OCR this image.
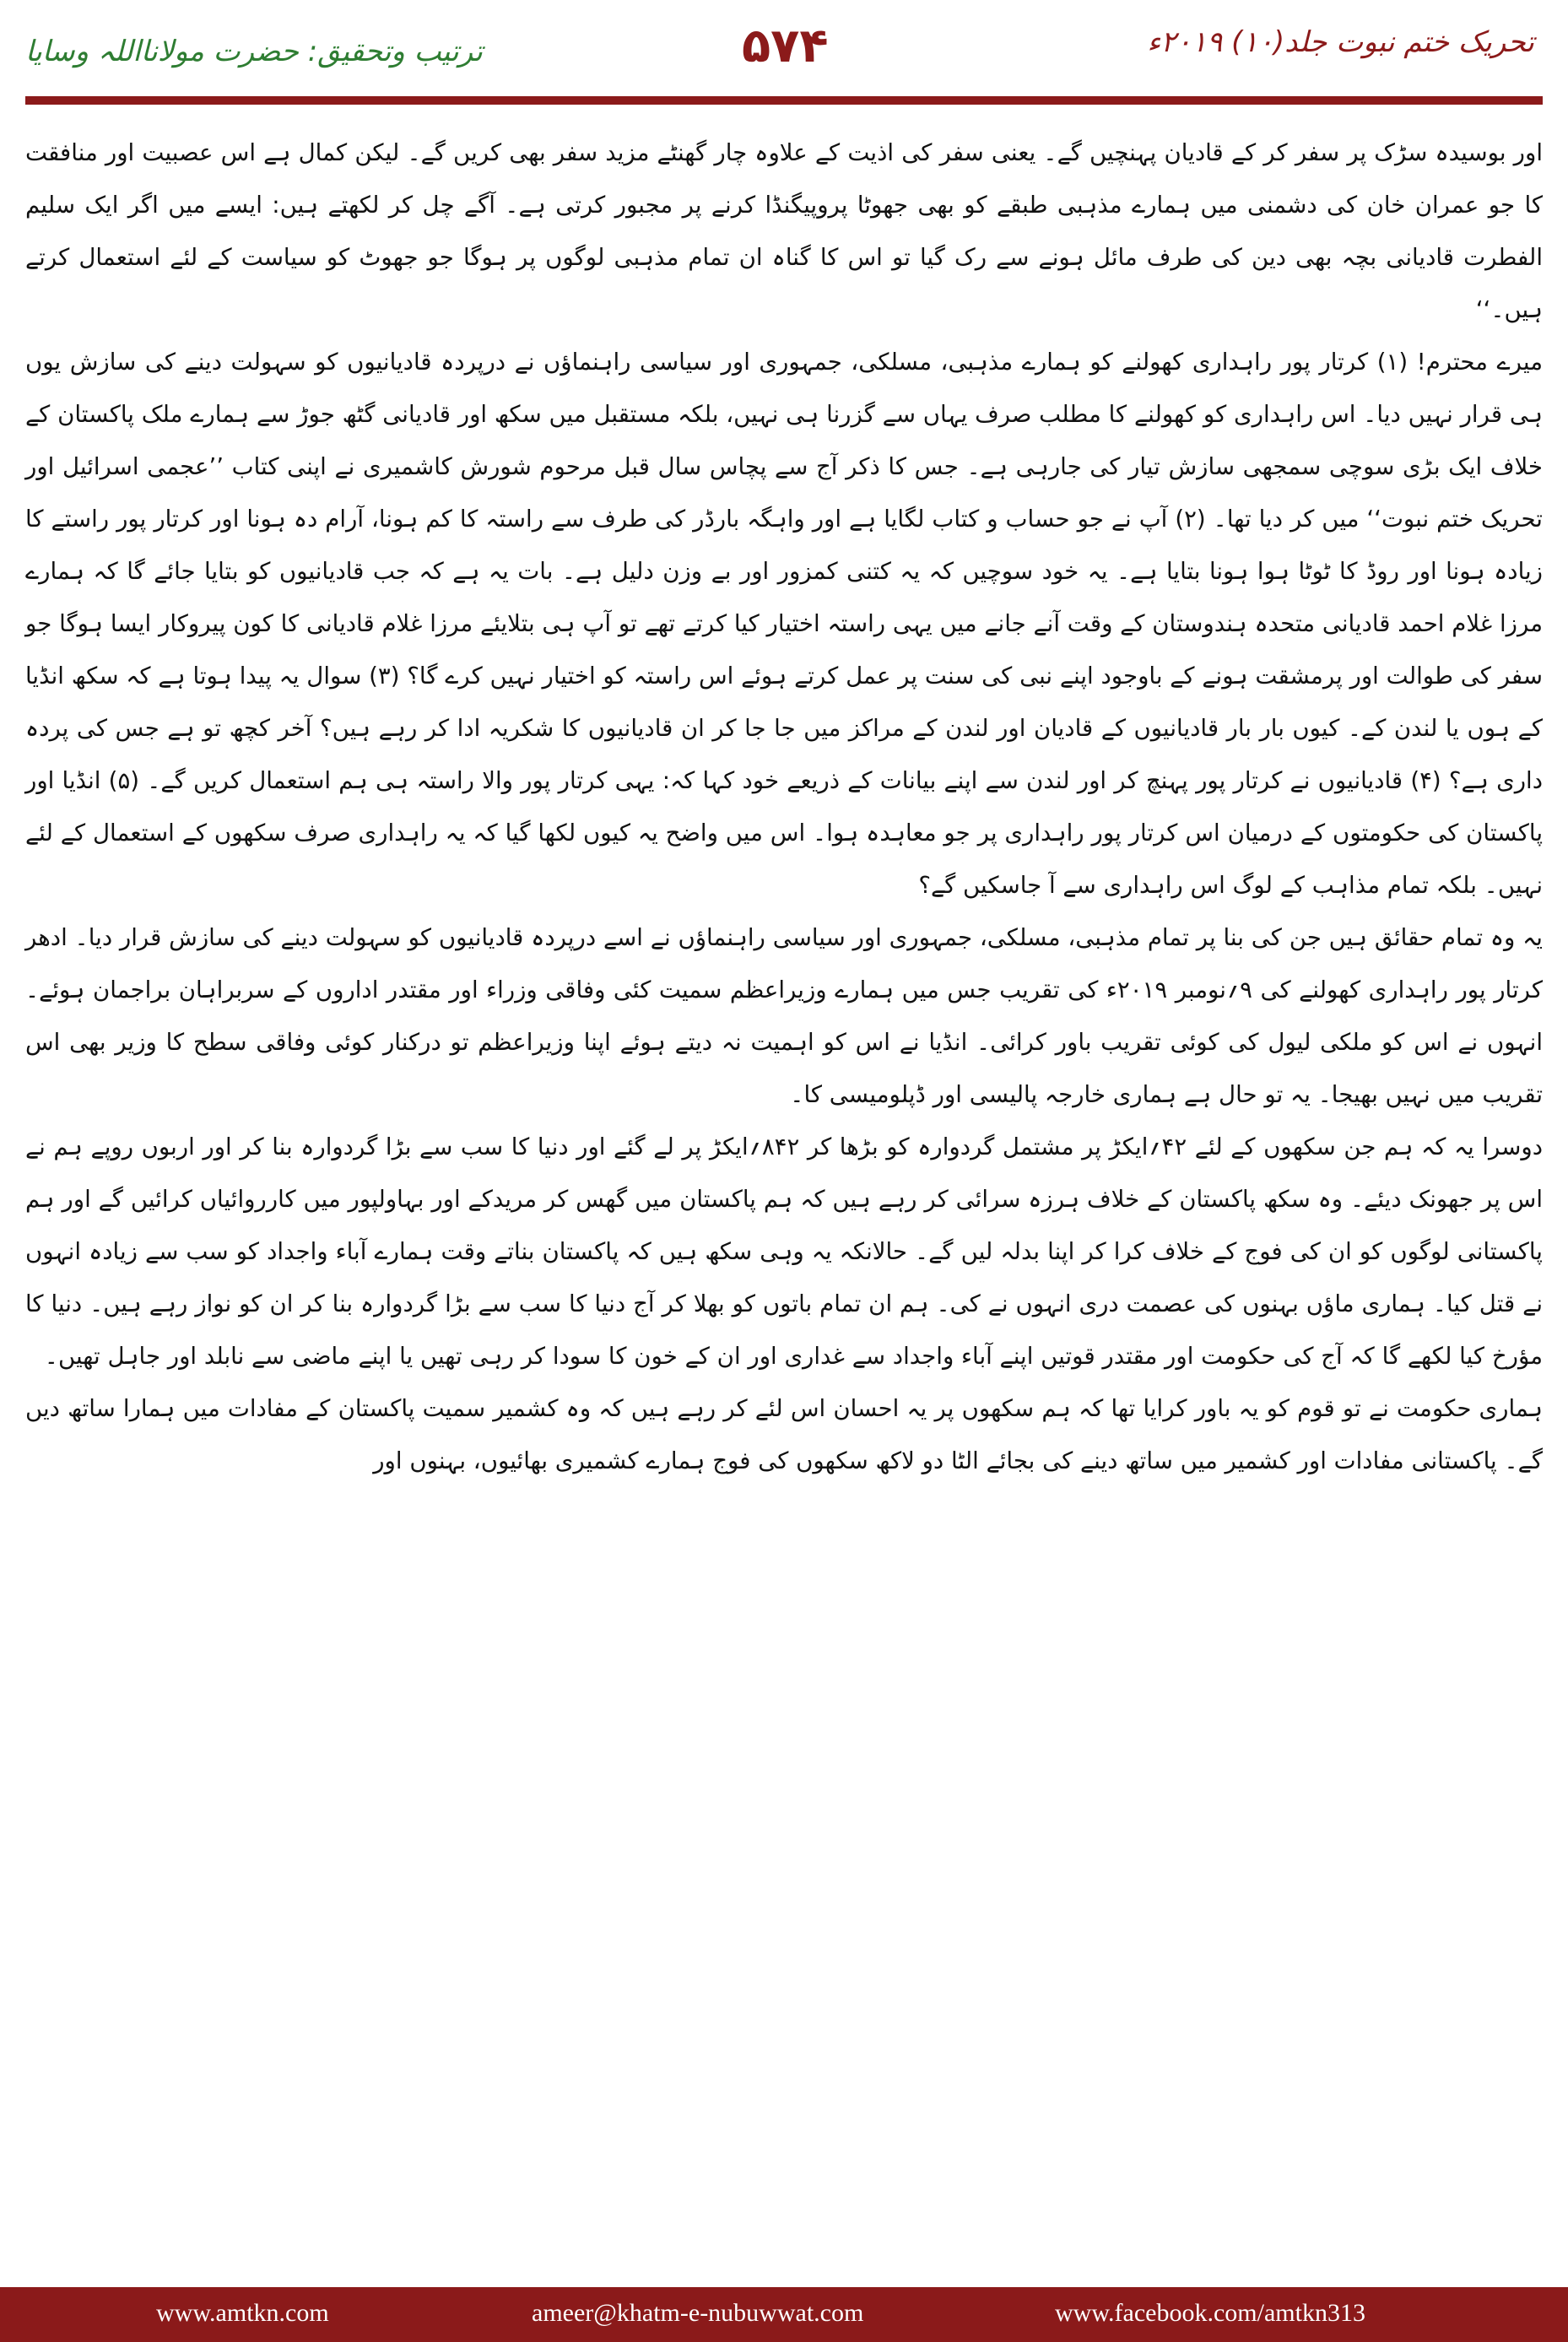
تحریک ختم نبوت جلد(۱۰) ۲۰۱۹ء
۵۷۴
ترتیب وتحقیق: حضرت مولانااللہ وسایا

اور بوسیدہ سڑک پر سفر کر کے قادیان پہنچیں گے۔ یعنی سفر کی اذیت کے علاوہ چار گھنٹے مزید سفر بھی کریں گے۔ لیکن کمال ہے اس عصبیت اور منافقت کا جو عمران خان کی دشمنی میں ہمارے مذہبی طبقے کو بھی جھوٹا پروپیگنڈا کرنے پر مجبور کرتی ہے۔ آگے چل کر لکھتے ہیں: ایسے میں اگر ایک سلیم الفطرت قادیانی بچہ بھی دین کی طرف مائل ہونے سے رک گیا تو اس کا گناہ ان تمام مذہبی لوگوں پر ہوگا جو جھوٹ کو سیاست کے لئے استعمال کرتے ہیں۔‘‘

میرے محترم! (۱) کرتار پور راہداری کھولنے کو ہمارے مذہبی، مسلکی، جمہوری اور سیاسی راہنماؤں نے درپردہ قادیانیوں کو سہولت دینے کی سازش یوں ہی قرار نہیں دیا۔ اس راہداری کو کھولنے کا مطلب صرف یہاں سے گزرنا ہی نہیں، بلکہ مستقبل میں سکھ اور قادیانی گٹھ جوڑ سے ہمارے ملک پاکستان کے خلاف ایک بڑی سوچی سمجھی سازش تیار کی جارہی ہے۔ جس کا ذکر آج سے پچاس سال قبل مرحوم شورش کاشمیری نے اپنی کتاب ’’عجمی اسرائیل اور تحریک ختم نبوت‘‘ میں کر دیا تھا۔ (۲) آپ نے جو حساب و کتاب لگایا ہے اور واہگہ بارڈر کی طرف سے راستہ کا کم ہونا، آرام دہ ہونا اور کرتار پور راستے کا زیادہ ہونا اور روڈ کا ٹوٹا ہوا ہونا بتایا ہے۔ یہ خود سوچیں کہ یہ کتنی کمزور اور بے وزن دلیل ہے۔ بات یہ ہے کہ جب قادیانیوں کو بتایا جائے گا کہ ہمارے مرزا غلام احمد قادیانی متحدہ ہندوستان کے وقت آنے جانے میں یہی راستہ اختیار کیا کرتے تھے تو آپ ہی بتلایئے مرزا غلام قادیانی کا کون پیروکار ایسا ہوگا جو سفر کی طوالت اور پرمشقت ہونے کے باوجود اپنے نبی کی سنت پر عمل کرتے ہوئے اس راستہ کو اختیار نہیں کرے گا؟ (۳) سوال یہ پیدا ہوتا ہے کہ سکھ انڈیا کے ہوں یا لندن کے۔ کیوں بار بار قادیانیوں کے قادیان اور لندن کے مراکز میں جا جا کر ان قادیانیوں کا شکریہ ادا کر رہے ہیں؟ آخر کچھ تو ہے جس کی پردہ داری ہے؟ (۴) قادیانیوں نے کرتار پور پہنچ کر اور لندن سے اپنے بیانات کے ذریعے خود کہا کہ: یہی کرتار پور والا راستہ ہی ہم استعمال کریں گے۔ (۵) انڈیا اور پاکستان کی حکومتوں کے درمیان اس کرتار پور راہداری پر جو معاہدہ ہوا۔ اس میں واضح یہ کیوں لکھا گیا کہ یہ راہداری صرف سکھوں کے استعمال کے لئے نہیں۔ بلکہ تمام مذاہب کے لوگ اس راہداری سے آ جاسکیں گے؟

یہ وہ تمام حقائق ہیں جن کی بنا پر تمام مذہبی، مسلکی، جمہوری اور سیاسی راہنماؤں نے اسے درپردہ قادیانیوں کو سہولت دینے کی سازش قرار دیا۔ ادھر کرتار پور راہداری کھولنے کی ۹؍نومبر ۲۰۱۹ء کی تقریب جس میں ہمارے وزیراعظم سمیت کئی وفاقی وزراء اور مقتدر اداروں کے سربراہان براجمان ہوئے۔ انہوں نے اس کو ملکی لیول کی کوئی تقریب باور کرائی۔ انڈیا نے اس کو اہمیت نہ دیتے ہوئے اپنا وزیراعظم تو درکنار کوئی وفاقی سطح کا وزیر بھی اس تقریب میں نہیں بھیجا۔ یہ تو حال ہے ہماری خارجہ پالیسی اور ڈپلومیسی کا۔

دوسرا یہ کہ ہم جن سکھوں کے لئے ۴۲؍ایکڑ پر مشتمل گردوارہ کو بڑھا کر ۸۴۲؍ایکڑ پر لے گئے اور دنیا کا سب سے بڑا گردوارہ بنا کر اور اربوں روپے ہم نے اس پر جھونک دیئے۔ وہ سکھ پاکستان کے خلاف ہرزہ سرائی کر رہے ہیں کہ ہم پاکستان میں گھس کر مریدکے اور بہاولپور میں کارروائیاں کرائیں گے اور ہم پاکستانی لوگوں کو ان کی فوج کے خلاف کرا کر اپنا بدلہ لیں گے۔ حالانکہ یہ وہی سکھ ہیں کہ پاکستان بناتے وقت ہمارے آباء واجداد کو سب سے زیادہ انہوں نے قتل کیا۔ ہماری ماؤں بہنوں کی عصمت دری انہوں نے کی۔ ہم ان تمام باتوں کو بھلا کر آج دنیا کا سب سے بڑا گردوارہ بنا کر ان کو نواز رہے ہیں۔ دنیا کا مؤرخ کیا لکھے گا کہ آج کی حکومت اور مقتدر قوتیں اپنے آباء واجداد سے غداری اور ان کے خون کا سودا کر رہی تھیں یا اپنے ماضی سے نابلد اور جاہل تھیں۔

ہماری حکومت نے تو قوم کو یہ باور کرایا تھا کہ ہم سکھوں پر یہ احسان اس لئے کر رہے ہیں کہ وہ کشمیر سمیت پاکستان کے مفادات میں ہمارا ساتھ دیں گے۔ پاکستانی مفادات اور کشمیر میں ساتھ دینے کی بجائے الٹا دو لاکھ سکھوں کی فوج ہمارے کشمیری بھائیوں، بہنوں اور

www.amtkn.com	ameer@khatm-e-nubuwwat.com	www.facebook.com/amtkn313
